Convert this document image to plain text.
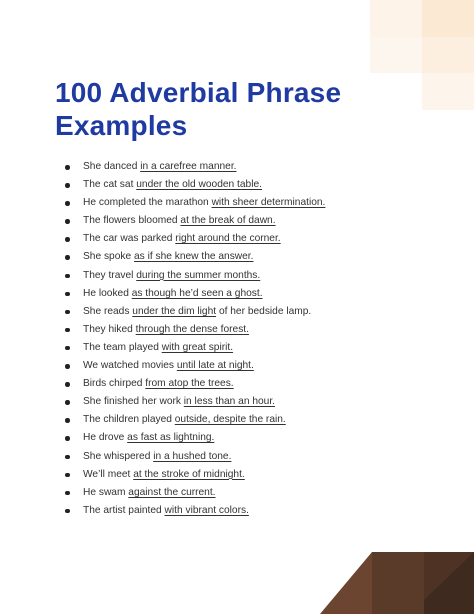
100 Adverbial Phrase
Examples
She danced in a carefree manner.
The cat sat under the old wooden table.
He completed the marathon with sheer determination.
The flowers bloomed at the break of dawn.
The car was parked right around the corner.
She spoke as if she knew the answer.
They travel during the summer months.
He looked as though he’d seen a ghost.
She reads under the dim light of her bedside lamp.
They hiked through the dense forest.
The team played with great spirit.
We watched movies until late at night.
Birds chirped from atop the trees.
She finished her work in less than an hour.
The children played outside, despite the rain.
He drove as fast as lightning.
She whispered in a hushed tone.
We’ll meet at the stroke of midnight.
He swam against the current.
The artist painted with vibrant colors.
